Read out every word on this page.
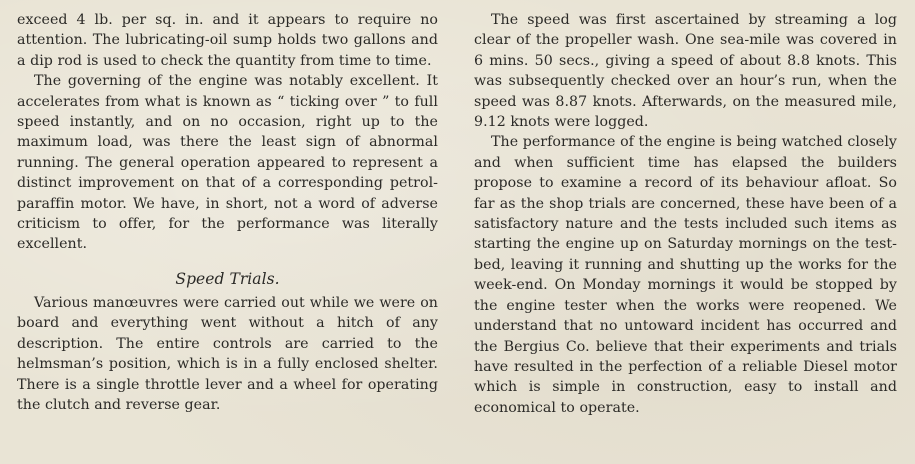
exceed 4 lb. per sq. in. and it appears to require no attention. The lubricating-oil sump holds two gallons and a dip rod is used to check the quantity from time to time.

The governing of the engine was notably excellent. It accelerates from what is known as “ ticking over ” to full speed instantly, and on no occasion, right up to the maximum load, was there the least sign of abnormal running. The general operation appeared to represent a distinct improvement on that of a corresponding petrol-paraffin motor. We have, in short, not a word of adverse criticism to offer, for the performance was literally excellent.

Speed Trials.

Various manœuvres were carried out while we were on board and everything went without a hitch of any description. The entire controls are carried to the helmsman’s position, which is in a fully enclosed shelter. There is a single throttle lever and a wheel for operating the clutch and reverse gear.

The speed was first ascertained by streaming a log clear of the propeller wash. One sea-mile was covered in 6 mins. 50 secs., giving a speed of about 8.8 knots. This was subsequently checked over an hour’s run, when the speed was 8.87 knots. Afterwards, on the measured mile, 9.12 knots were logged.

The performance of the engine is being watched closely and when sufficient time has elapsed the builders propose to examine a record of its behaviour afloat. So far as the shop trials are concerned, these have been of a satisfactory nature and the tests included such items as starting the engine up on Saturday mornings on the test-bed, leaving it running and shutting up the works for the week-end. On Monday mornings it would be stopped by the engine tester when the works were reopened. We understand that no untoward incident has occurred and the Bergius Co. believe that their experiments and trials have resulted in the perfection of a reliable Diesel motor which is simple in construction, easy to install and economical to operate.
